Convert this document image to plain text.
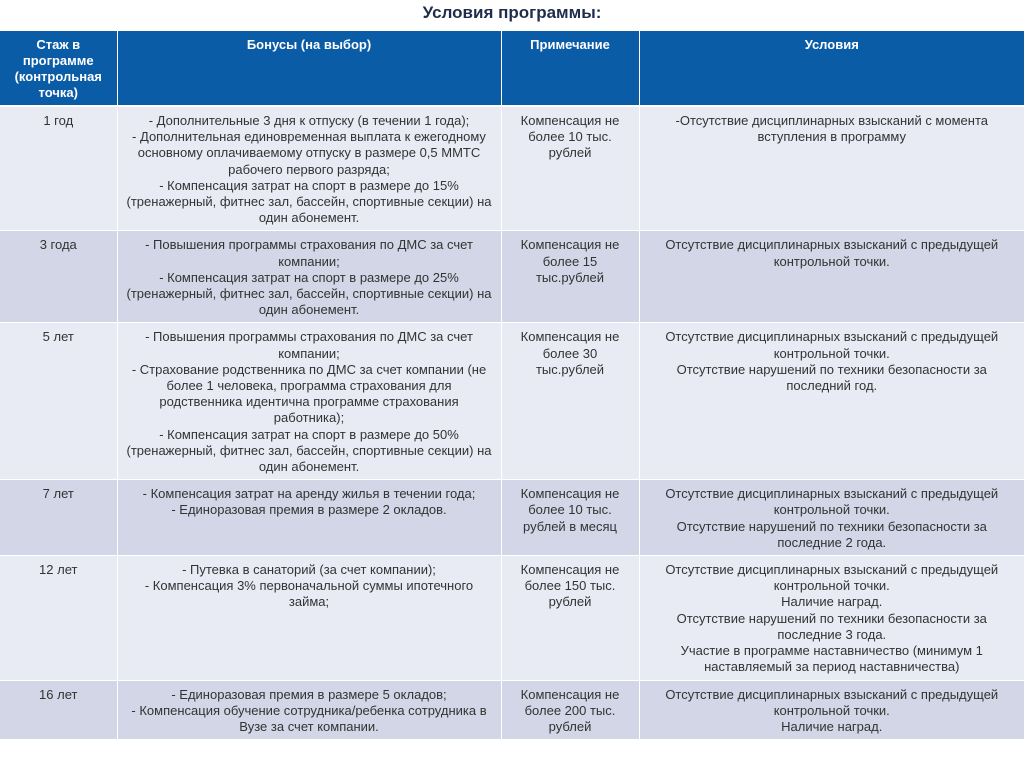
Условия программы:
Стаж в программе (контрольная точка)	Бонусы (на выбор)	Примечание	Условия
1 год	- Дополнительные 3 дня к отпуску (в течении 1 года);
- Дополнительная единовременная выплата к ежегодному основному оплачиваемому отпуску в размере 0,5 ММТС рабочего первого разряда;
- Компенсация затрат на спорт в размере до 15% (тренажерный, фитнес зал, бассейн, спортивные секции) на один абонемент.	Компенсация не более 10 тыс. рублей	-Отсутствие дисциплинарных взысканий с момента вступления в программу
3 года	- Повышения программы страхования по ДМС за счет компании;
- Компенсация затрат на спорт в размере до 25% (тренажерный, фитнес зал, бассейн, спортивные секции) на один абонемент.	Компенсация не более 15 тыс.рублей	Отсутствие дисциплинарных взысканий с предыдущей контрольной точки.
5 лет	- Повышения программы страхования по ДМС за счет компании;
- Страхование родственника по ДМС за счет компании (не более 1 человека, программа страхования для родственника идентична программе страхования работника);
- Компенсация затрат на спорт в размере до 50% (тренажерный, фитнес зал, бассейн, спортивные секции) на один абонемент.	Компенсация не более 30 тыс.рублей	Отсутствие дисциплинарных взысканий с предыдущей контрольной точки.
Отсутствие нарушений по техники безопасности за последний год.
7 лет	- Компенсация затрат на аренду жилья в течении года;
- Единоразовая премия в размере 2 окладов.	Компенсация не более 10 тыс. рублей в месяц	Отсутствие дисциплинарных взысканий с предыдущей контрольной точки.
Отсутствие нарушений по техники безопасности за последние 2 года.
12 лет	- Путевка в санаторий (за счет компании);
- Компенсация 3% первоначальной суммы ипотечного займа;	Компенсация не более 150 тыс. рублей	Отсутствие дисциплинарных взысканий с предыдущей контрольной точки.
Наличие наград.
Отсутствие нарушений по техники безопасности за последние 3 года.
Участие в программе наставничество (минимум 1 наставляемый за период наставничества)
16 лет	- Единоразовая премия в размере 5 окладов;
- Компенсация обучение сотрудника/ребенка сотрудника в Вузе за счет компании.	Компенсация не более 200 тыс. рублей	Отсутствие дисциплинарных взысканий с предыдущей контрольной точки.
Наличие наград.
